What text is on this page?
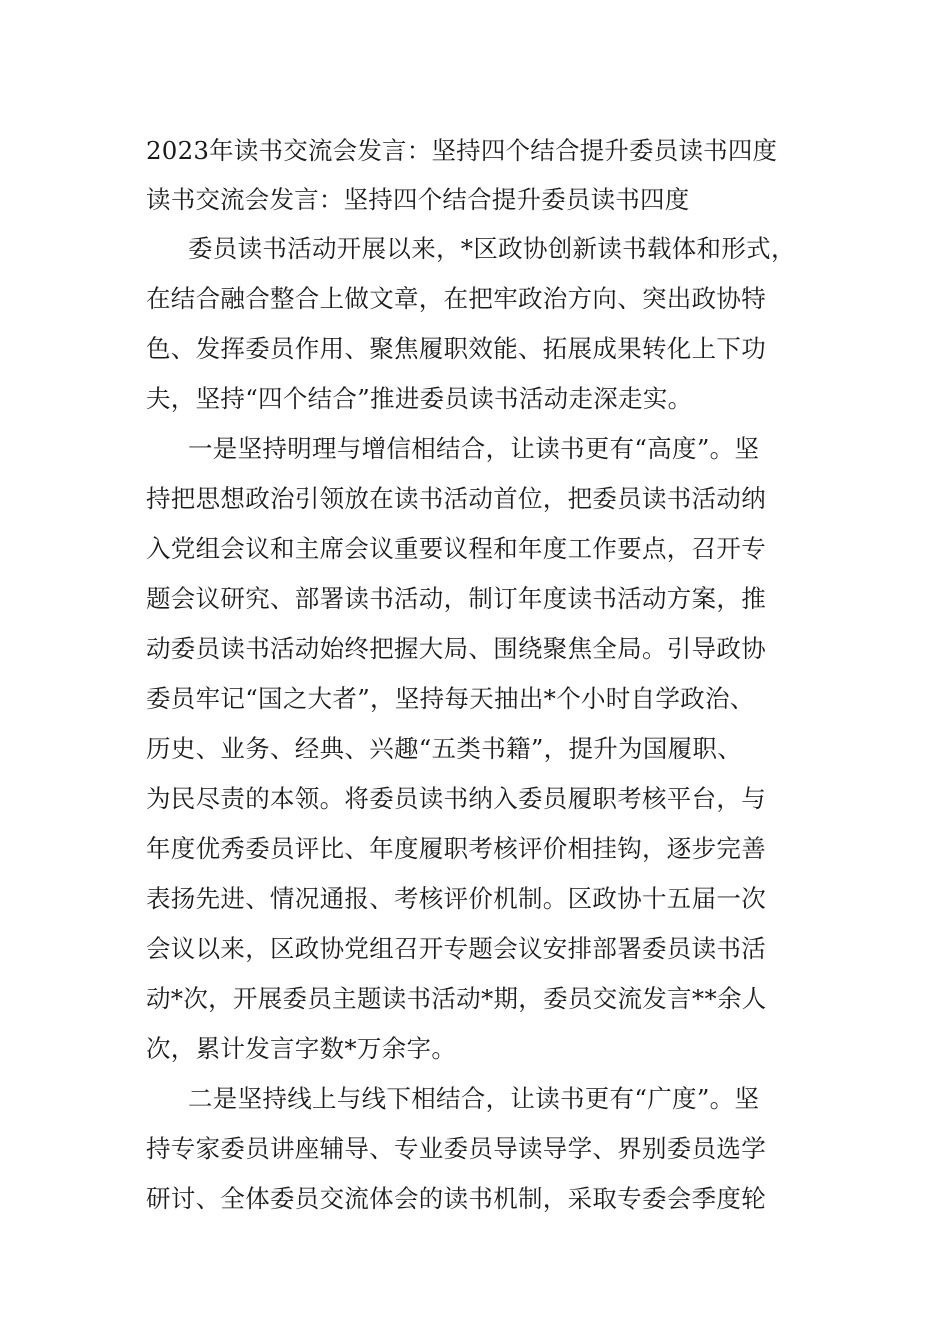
2023年读书交流会发言：坚持四个结合提升委员读书四度
读书交流会发言：坚持四个结合提升委员读书四度
委员读书活动开展以来，*区政协创新读书载体和形式，
在结合融合整合上做文章，在把牢政治方向、突出政协特
色、发挥委员作用、聚焦履职效能、拓展成果转化上下功
夫，坚持“四个结合”推进委员读书活动走深走实。
一是坚持明理与增信相结合，让读书更有“高度”。坚
持把思想政治引领放在读书活动首位，把委员读书活动纳
入党组会议和主席会议重要议程和年度工作要点，召开专
题会议研究、部署读书活动，制订年度读书活动方案，推
动委员读书活动始终把握大局、围绕聚焦全局。引导政协
委员牢记“国之大者”，坚持每天抽出*个小时自学政治、
历史、业务、经典、兴趣“五类书籍”，提升为国履职、
为民尽责的本领。将委员读书纳入委员履职考核平台，与
年度优秀委员评比、年度履职考核评价相挂钩，逐步完善
表扬先进、情况通报、考核评价机制。区政协十五届一次
会议以来，区政协党组召开专题会议安排部署委员读书活
动*次，开展委员主题读书活动*期，委员交流发言**余人
次，累计发言字数*万余字。
二是坚持线上与线下相结合，让读书更有“广度”。坚
持专家委员讲座辅导、专业委员导读导学、界别委员选学
研讨、全体委员交流体会的读书机制，采取专委会季度轮
